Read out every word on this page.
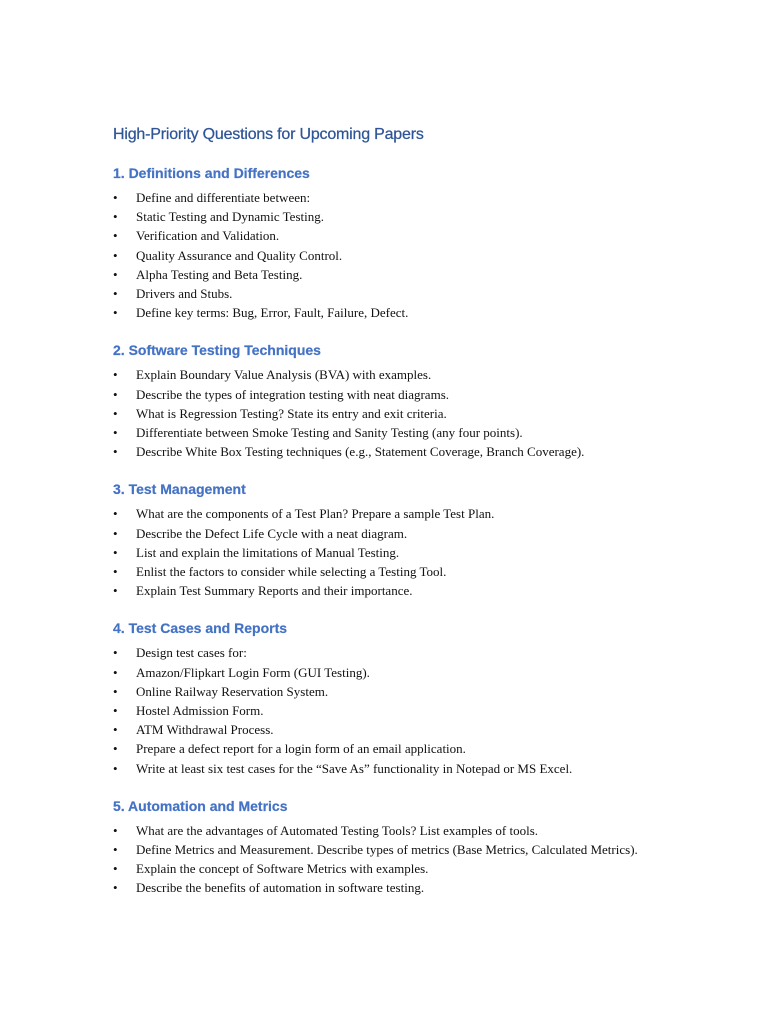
High-Priority Questions for Upcoming Papers
1. Definitions and Differences
• Define and differentiate between:
• Static Testing and Dynamic Testing.
• Verification and Validation.
• Quality Assurance and Quality Control.
• Alpha Testing and Beta Testing.
• Drivers and Stubs.
• Define key terms: Bug, Error, Fault, Failure, Defect.
2. Software Testing Techniques
• Explain Boundary Value Analysis (BVA) with examples.
• Describe the types of integration testing with neat diagrams.
• What is Regression Testing? State its entry and exit criteria.
• Differentiate between Smoke Testing and Sanity Testing (any four points).
• Describe White Box Testing techniques (e.g., Statement Coverage, Branch Coverage).
3. Test Management
• What are the components of a Test Plan? Prepare a sample Test Plan.
• Describe the Defect Life Cycle with a neat diagram.
• List and explain the limitations of Manual Testing.
• Enlist the factors to consider while selecting a Testing Tool.
• Explain Test Summary Reports and their importance.
4. Test Cases and Reports
• Design test cases for:
• Amazon/Flipkart Login Form (GUI Testing).
• Online Railway Reservation System.
• Hostel Admission Form.
• ATM Withdrawal Process.
• Prepare a defect report for a login form of an email application.
• Write at least six test cases for the “Save As” functionality in Notepad or MS Excel.
5. Automation and Metrics
• What are the advantages of Automated Testing Tools? List examples of tools.
• Define Metrics and Measurement. Describe types of metrics (Base Metrics, Calculated Metrics).
• Explain the concept of Software Metrics with examples.
• Describe the benefits of automation in software testing.
